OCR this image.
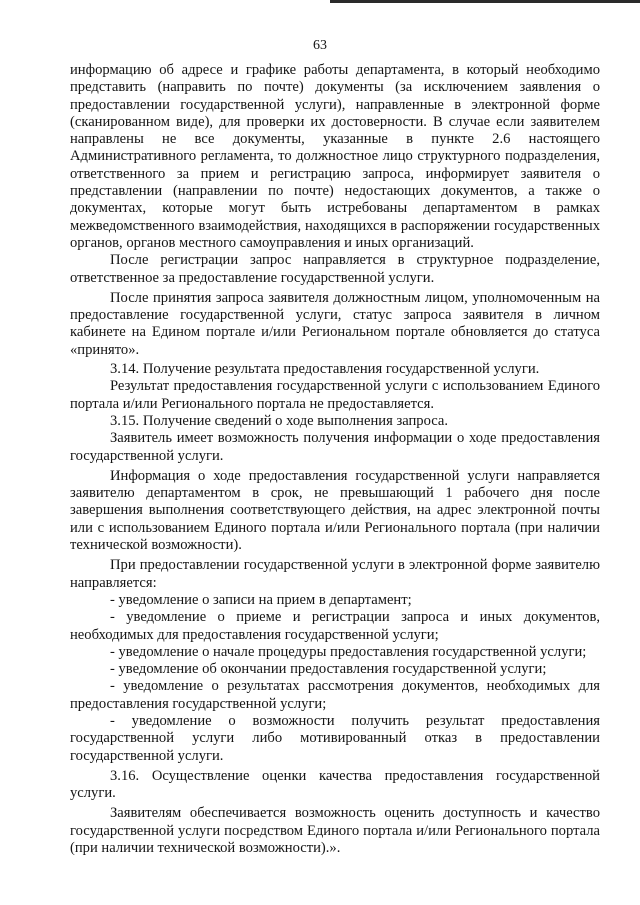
63

информацию об адресе и графике работы департамента, в который необходимо представить (направить по почте) документы (за исключением заявления о предоставлении государственной услуги), направленные в электронной форме (сканированном виде), для проверки их достоверности. В случае если заявителем направлены не все документы, указанные в пункте 2.6 настоящего Административного регламента, то должностное лицо структурного подразделения, ответственного за прием и регистрацию запроса, информирует заявителя о представлении (направлении по почте) недостающих документов, а также о документах, которые могут быть истребованы департаментом в рамках межведомственного взаимодействия, находящихся в распоряжении государственных органов, органов местного самоуправления и иных организаций.

После регистрации запрос направляется в структурное подразделение, ответственное за предоставление государственной услуги.

После принятия запроса заявителя должностным лицом, уполномоченным на предоставление государственной услуги, статус запроса заявителя в личном кабинете на Едином портале и/или Региональном портале обновляется до статуса «принято».

3.14. Получение результата предоставления государственной услуги.

Результат предоставления государственной услуги с использованием Единого портала и/или Регионального портала не предоставляется.

3.15. Получение сведений о ходе выполнения запроса.

Заявитель имеет возможность получения информации о ходе предоставления государственной услуги.

Информация о ходе предоставления государственной услуги направляется заявителю департаментом в срок, не превышающий 1 рабочего дня после завершения выполнения соответствующего действия, на адрес электронной почты или с использованием Единого портала и/или Регионального портала (при наличии технической возможности).

При предоставлении государственной услуги в электронной форме заявителю направляется:

- уведомление о записи на прием в департамент;

- уведомление о приеме и регистрации запроса и иных документов, необходимых для предоставления государственной услуги;

- уведомление о начале процедуры предоставления государственной услуги;

- уведомление об окончании предоставления государственной услуги;

- уведомление о результатах рассмотрения документов, необходимых для предоставления государственной услуги;

- уведомление о возможности получить результат предоставления государственной услуги либо мотивированный отказ в предоставлении государственной услуги.

3.16. Осуществление оценки качества предоставления государственной услуги.

Заявителям обеспечивается возможность оценить доступность и качество государственной услуги посредством Единого портала и/или Регионального портала (при наличии технической возможности).».
